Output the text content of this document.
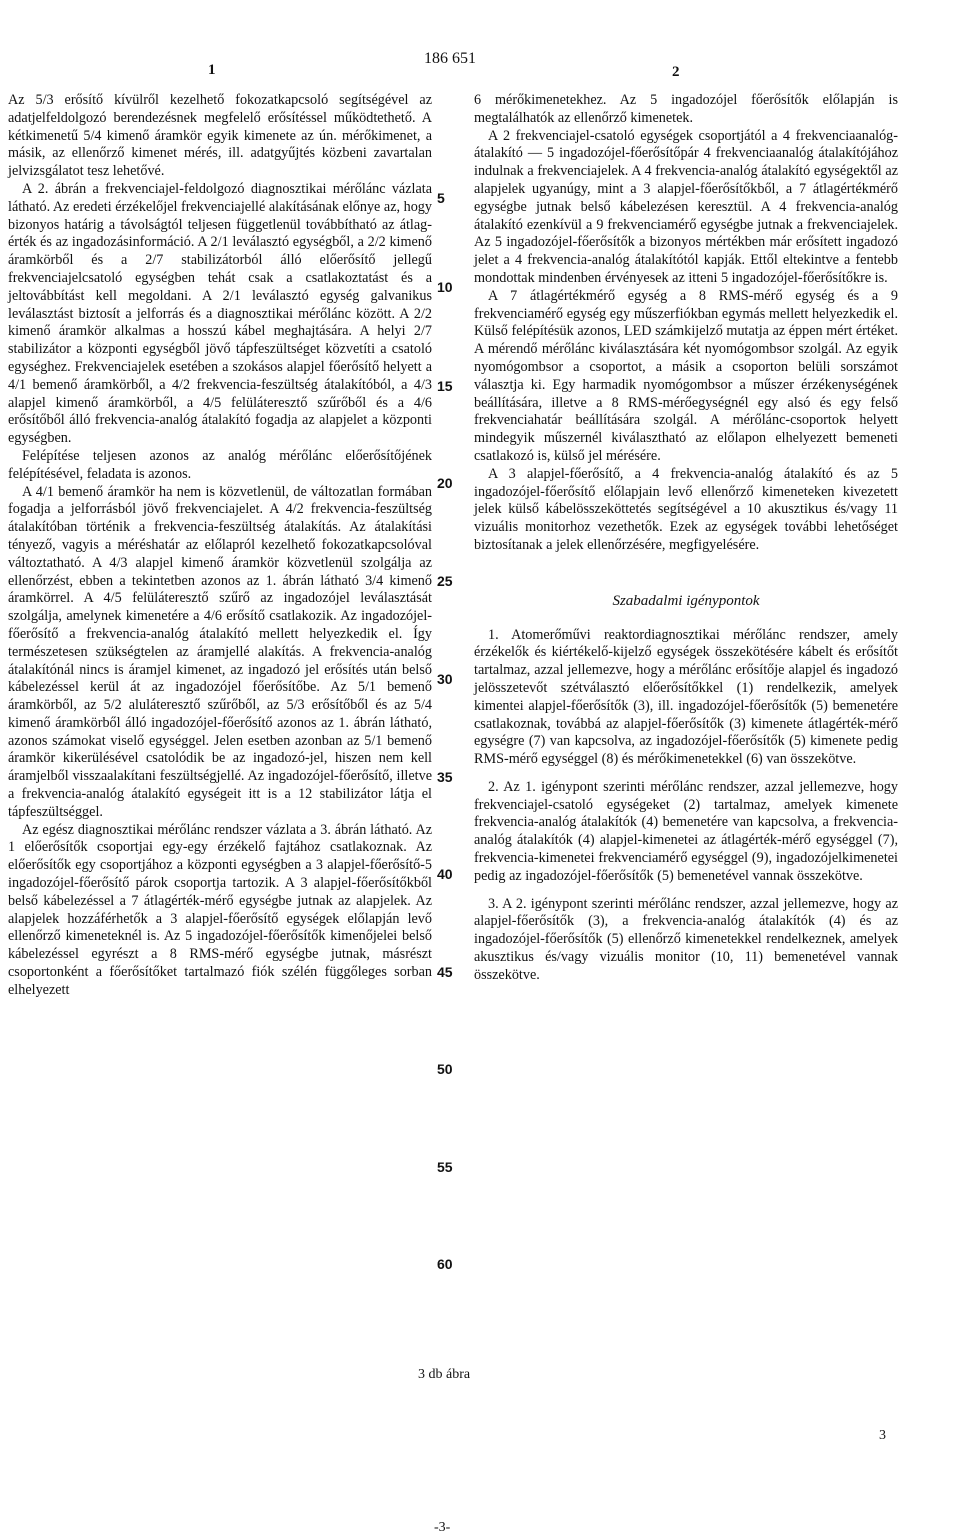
1
186 651
2

Az 5/3 erősítő kívülről kezelhető fokozatkapcsoló segítségével az adatjelfeldolgozó berendezésnek megfelelő erősítéssel működtethető. A kétkimenetű 5/4 kimenő áramkör egyik kimenete az ún. mérőkimenet, a másik, az ellenőrző kimenet mérés, ill. adatgyűjtés közbeni zavartalan jelvizsgálatot tesz lehetővé.

A 2. ábrán a frekvenciajel-feldolgozó diagnosztikai mérőlánc vázlata látható. Az eredeti érzékelőjel frekvenciajellé alakításának előnye az, hogy bizonyos határig a távolságtól teljesen függetlenül továbbítható az átlag-érték és az ingadozásinformáció. A 2/1 leválasztó egységből, a 2/2 kimenő áramkörből és a 2/7 stabilizátorból álló előerősítő jellegű frekvenciajelcsatoló egységben tehát csak a csatlakoztatást és a jeltovábbítást kell megoldani. A 2/1 leválasztó egység galvanikus leválasztást biztosít a jelforrás és a diagnosztikai mérőlánc között. A 2/2 kimenő áramkör alkalmas a hosszú kábel meghajtására. A helyi 2/7 stabilizátor a központi egységből jövő tápfeszültséget közvetíti a csatoló egységhez. Frekvenciajelek esetében a szokásos alapjel főerősítő helyett a 4/1 bemenő áramkörből, a 4/2 frekvencia-feszültség átalakítóból, a 4/3 alapjel kimenő áramkörből, a 4/5 felüláteresztő szűrőből és a 4/6 erősítőből álló frekvencia-analóg átalakító fogadja az alapjelet a központi egységben.

Felépítése teljesen azonos az analóg mérőlánc előerősítőjének felépítésével, feladata is azonos.

A 4/1 bemenő áramkör ha nem is közvetlenül, de változatlan formában fogadja a jelforrásból jövő frekvenciajelet. A 4/2 frekvencia-feszültség átalakítóban történik a frekvencia-feszültség átalakítás. Az átalakítási tényező, vagyis a méréshatár az előlapról kezelhető fokozatkapcsolóval változtatható. A 4/3 alapjel kimenő áramkör közvetlenül szolgálja az ellenőrzést, ebben a tekintetben azonos az 1. ábrán látható 3/4 kimenő áramkörrel. A 4/5 felüláteresztő szűrő az ingadozójel leválasztását szolgálja, amelynek kimenetére a 4/6 erősítő csatlakozik. Az ingadozójel-főerősítő a frekvencia-analóg átalakító mellett helyezkedik el. Így természetesen szükségtelen az áramjellé alakítás. A frekvencia-analóg átalakítónál nincs is áramjel kimenet, az ingadozó jel erősítés után belső kábelezéssel kerül át az ingadozójel főerősítőbe. Az 5/1 bemenő áramkörből, az 5/2 aluláteresztő szűrőből, az 5/3 erősítőből és az 5/4 kimenő áramkörből álló ingadozójel-főerősítő azonos az 1. ábrán látható, azonos számokat viselő egységgel. Jelen esetben azonban az 5/1 bemenő áramkör kikerülésével csatolódik be az ingadozó-jel, hiszen nem kell áramjelből visszaalakítani feszültségjellé. Az ingadozójel-főerősítő, illetve a frekvencia-analóg átalakító egységeit itt is a 12 stabilizátor látja el tápfeszültséggel.

Az egész diagnosztikai mérőlánc rendszer vázlata a 3. ábrán látható. Az 1 előerősítők csoportjai egy-egy érzékelő fajtához csatlakoznak. Az előerősítők egy csoportjához a központi egységben a 3 alapjel-főerősítő-5 ingadozójel-főerősítő párok csoportja tartozik. A 3 alapjel-főerősítőkből belső kábelezéssel a 7 átlagérték-mérő egységbe jutnak az alapjelek. Az alapjelek hozzáférhetők a 3 alapjel-főerősítő egységek előlapján levő ellenőrző kimeneteknél is. Az 5 ingadozójel-főerősítők kimenőjelei belső kábelezéssel egyrészt a 8 RMS-mérő egységbe jutnak, másrészt csoportonként a főerősítőket tartalmazó fiók szélén függőleges sorban elhelyezett

5
10
15
20
25
30
35
40
45
50
55
60

6 mérőkimenetekhez. Az 5 ingadozójel főerősítők előlapján is megtalálhatók az ellenőrző kimenetek.

A 2 frekvenciajel-csatoló egységek csoportjától a 4 frekvenciaanalóg-átalakító — 5 ingadozójel-főerősítőpár 4 frekvenciaanalóg átalakítójához indulnak a frekvenciajelek. A 4 frekvencia-analóg átalakító egységektől az alapjelek ugyanúgy, mint a 3 alapjel-főerősítőkből, a 7 átlagértékmérő egységbe jutnak belső kábelezésen keresztül. A 4 frekvencia-analóg átalakító ezenkívül a 9 frekvenciamérő egységbe jutnak a frekvenciajelek. Az 5 ingadozójel-főerősítők a bizonyos mértékben már erősített ingadozó jelet a 4 frekvencia-analóg átalakítótól kapják. Ettől eltekintve a fentebb mondottak mindenben érvényesek az itteni 5 ingadozójel-főerősítőkre is.

A 7 átlagértékmérő egység a 8 RMS-mérő egység és a 9 frekvenciamérő egység egy műszerfiókban egymás mellett helyezkedik el. Külső felépítésük azonos, LED számkijelző mutatja az éppen mért értéket. A mérendő mérőlánc kiválasztására két nyomógombsor szolgál. Az egyik nyomógombsor a csoportot, a másik a csoporton belüli sorszámot választja ki. Egy harmadik nyomógombsor a műszer érzékenységének beállítására, illetve a 8 RMS-mérőegységnél egy alsó és egy felső frekvenciahatár beállítására szolgál. A mérőlánc-csoportok helyett mindegyik műszernél kiválasztható az előlapon elhelyezett bemeneti csatlakozó is, külső jel mérésére.

A 3 alapjel-főerősítő, a 4 frekvencia-analóg átalakító és az 5 ingadozójel-főerősítő előlapjain levő ellenőrző kimeneteken kivezetett jelek külső kábelösszeköttetés segítségével a 10 akusztikus és/vagy 11 vizuális monitorhoz vezethetők. Ezek az egységek további lehetőséget biztosítanak a jelek ellenőrzésére, megfigyelésére.

Szabadalmi igénypontok

1. Atomerőművi reaktordiagnosztikai mérőlánc rendszer, amely érzékelők és kiértékelő-kijelző egységek összekötésére kábelt és erősítőt tartalmaz, azzal jellemezve, hogy a mérőlánc erősítője alapjel és ingadozó jelösszetevőt szétválasztó előerősítőkkel (1) rendelkezik, amelyek kimentei alapjel-főerősítők (3), ill. ingadozójel-főerősítők (5) bemenetére csatlakoznak, továbbá az alapjel-főerősítők (3) kimenete átlagérték-mérő egységre (7) van kapcsolva, az ingadozójel-főerősítők (5) kimenete pedig RMS-mérő egységgel (8) és mérőkimenetekkel (6) van összekötve.

2. Az 1. igénypont szerinti mérőlánc rendszer, azzal jellemezve, hogy frekvenciajel-csatoló egységeket (2) tartalmaz, amelyek kimenete frekvencia-analóg átalakítók (4) bemenetére van kapcsolva, a frekvencia-analóg átalakítók (4) alapjel-kimenetei az átlagérték-mérő egységgel (7), frekvencia-kimenetei frekvenciamérő egységgel (9), ingadozójelkimenetei pedig az ingadozójel-főerősítők (5) bemenetével vannak összekötve.

3. A 2. igénypont szerinti mérőlánc rendszer, azzal jellemezve, hogy az alapjel-főerősítők (3), a frekvencia-analóg átalakítók (4) és az ingadozójel-főerősítők (5) ellenőrző kimenetekkel rendelkeznek, amelyek akusztikus és/vagy vizuális monitor (10, 11) bemenetével vannak összekötve.

3 db ábra
3
-3-
